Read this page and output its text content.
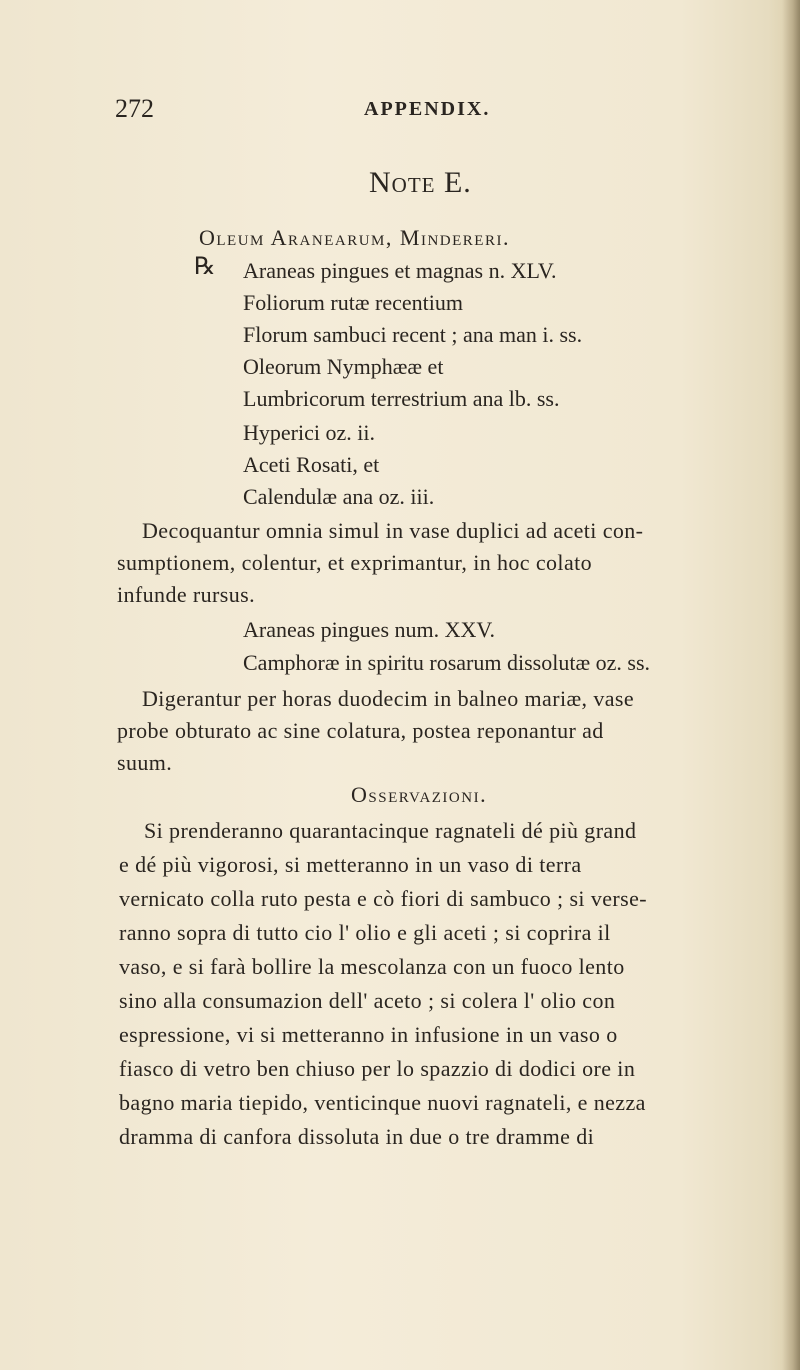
272	APPENDIX.
Note E.
Oleum Aranearum, Mindereri.
℞ Araneas pingues et magnas n. XLV.
Foliorum rutæ recentium
Florum sambuci recent ; ana man i. ss.
Oleorum Nymphææ et
Lumbricorum terrestrium ana lb. ss.
Hyperici oz. ii.
Aceti Rosati, et
Calendulæ ana oz. iii.
Decoquantur omnia simul in vase duplici ad aceti con-
sumptionem, colentur, et exprimantur, in hoc colato
infunde rursus.
Araneas pingues num. XXV.
Camphoræ in spiritu rosarum dissolutæ oz. ss.
Digerantur per horas duodecim in balneo mariæ, vase
probe obturato ac sine colatura, postea reponantur ad
suum.
Osservazioni.
Si prenderanno quarantacinque ragnateli dé più grand
e dé più vigorosi, si metteranno in un vaso di terra
vernicato colla ruto pesta e cò fiori di sambuco ; si verse-
ranno sopra di tutto cio l' olio e gli aceti ; si coprira il
vaso, e si farà bollire la mescolanza con un fuoco lento
sino alla consumazion dell' aceto ; si colera l' olio con
espressione, vi si metteranno in infusione in un vaso o
fiasco di vetro ben chiuso per lo spazzio di dodici ore in
bagno maria tiepido, venticinque nuovi ragnateli, e nezza
dramma di canfora dissoluta in due o tre dramme di
